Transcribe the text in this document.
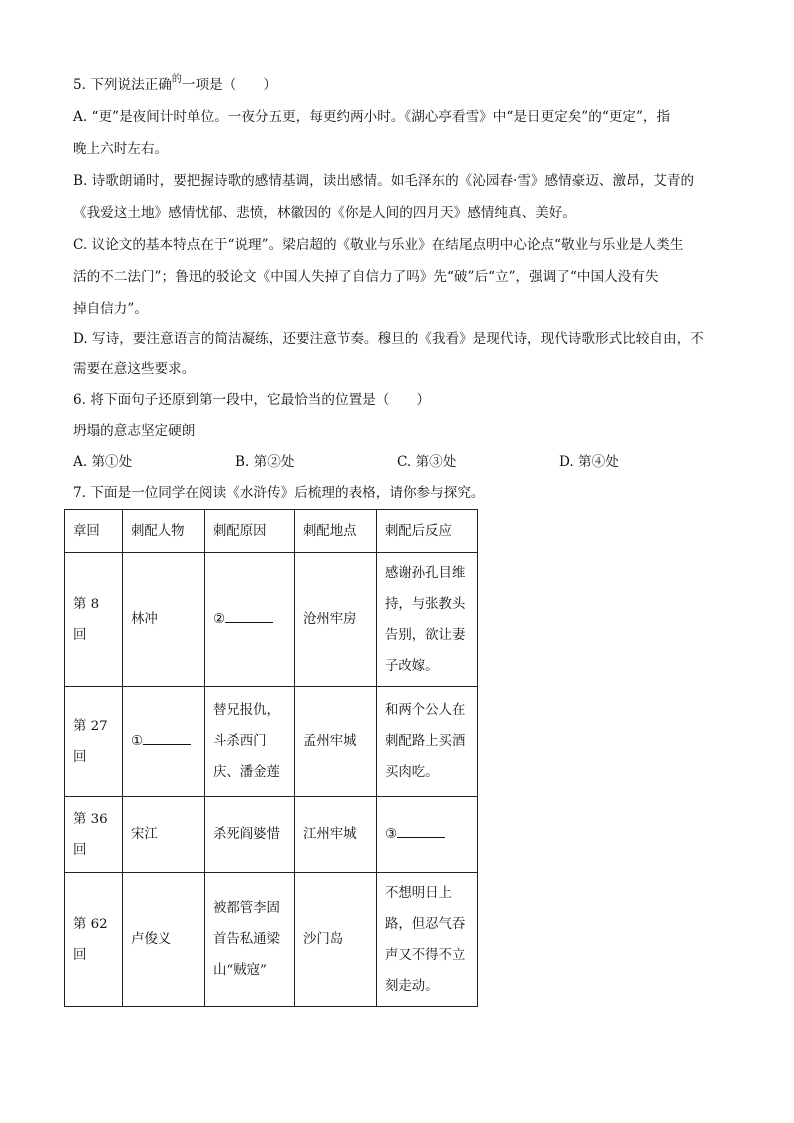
5. 下列说法正确$^的$一项是（　　）
A. “更”是夜间计时单位。一夜分五更，每更约两小时。《湖心亭看雪》中“是日更定矣”的“更定”，指
晚上六时左右。
B. 诗歌朗诵时，要把握诗歌的感情基调，读出感情。如毛泽东的《沁园春·雪》感情豪迈、激昂，艾青的
《我爱这土地》感情忧郁、悲愤，林徽因的《你是人间的四月天》感情纯真、美好。
C. 议论文的基本特点在于“说理”。梁启超的《敬业与乐业》在结尾点明中心论点“敬业与乐业是人类生
活的不二法门”；鲁迅的驳论文《中国人失掉了自信力了吗》先“破”后“立”，强调了“中国人没有失
掉自信力”。
D. 写诗，要注意语言的简洁凝练，还要注意节奏。穆旦的《我看》是现代诗，现代诗歌形式比较自由，不
需要在意这些要求。
6. 将下面句子还原到第一段中，它最恰当的位置是（　　）
坍塌的意志坚定硬朗
A. 第①处	B. 第②处	C. 第③处	D. 第④处
7. 下面是一位同学在阅读《水浒传》后梳理的表格，请你参与探究。
章回	刺配人物	刺配原因	刺配地点	刺配后反应
第 8 回	林冲	②	沧州牢房	感谢孙孔目维持，与张教头告别，欲让妻子改嫁。
第 27 回	①	替兄报仇，斗杀西门庆、潘金莲	孟州牢城	和两个公人在刺配路上买酒买肉吃。
第 36 回	宋江	杀死阎婆惜	江州牢城	③
第 62 回	卢俊义	被都管李固首告私通梁山“贼寇”	沙门岛	不想明日上路，但忍气吞声又不得不立刻走动。
